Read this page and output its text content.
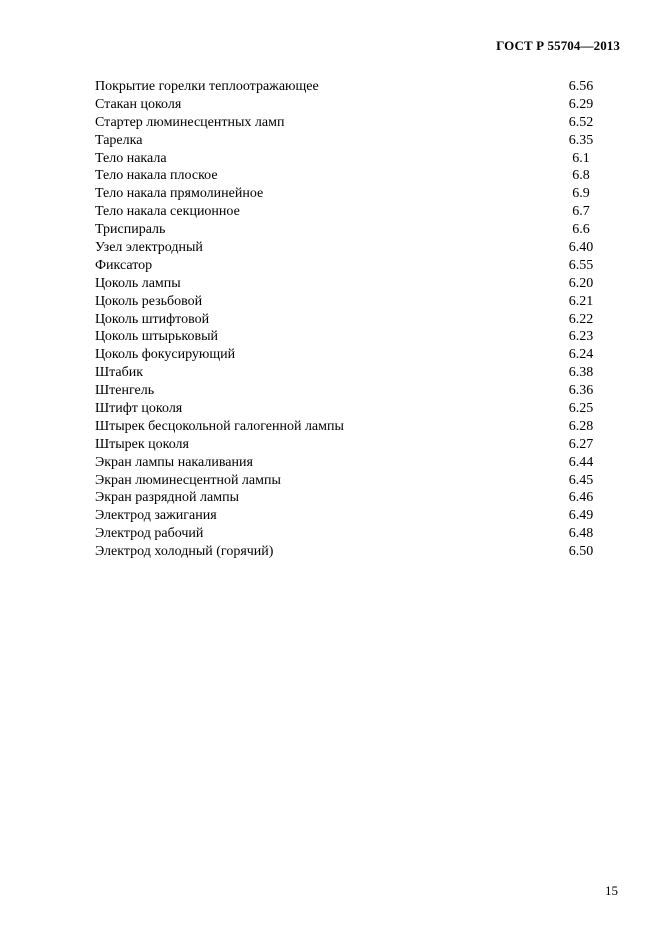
ГОСТ Р 55704—2013
Покрытие горелки теплоотражающее	6.56
Стакан цоколя	6.29
Стартер люминесцентных ламп	6.52
Тарелка	6.35
Тело накала	6.1
Тело накала плоское	6.8
Тело накала прямолинейное	6.9
Тело накала секционное	6.7
Триспираль	6.6
Узел электродный	6.40
Фиксатор	6.55
Цоколь лампы	6.20
Цоколь резьбовой	6.21
Цоколь штифтовой	6.22
Цоколь штырьковый	6.23
Цоколь фокусирующий	6.24
Штабик	6.38
Штенгель	6.36
Штифт цоколя	6.25
Штырек бесцокольной галогенной лампы	6.28
Штырек цоколя	6.27
Экран лампы накаливания	6.44
Экран люминесцентной лампы	6.45
Экран разрядной лампы	6.46
Электрод зажигания	6.49
Электрод рабочий	6.48
Электрод холодный (горячий)	6.50
15
